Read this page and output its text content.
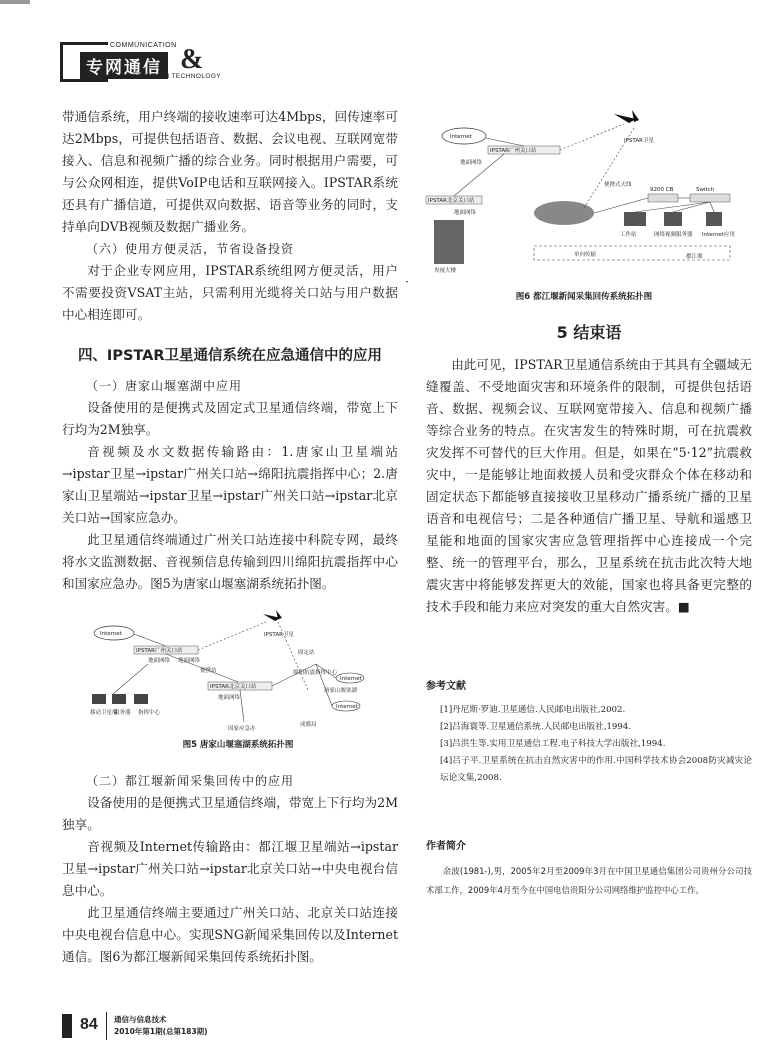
COMMUNICATION
专网通信 &
INFORMATION TECHNOLOGY

带通信系统，用户终端的接收速率可达4Mbps，回传速率可达2Mbps，可提供包括语音、数据、会议电视、互联网宽带接入、信息和视频广播的综合业务。同时根据用户需要，可与公众网相连，提供VoIP电话和互联网接入。IPSTAR系统还具有广播信道，可提供双向数据、语音等业务的同时，支持单向DVB视频及数据广播业务。

（六）使用方便灵活，节省设备投资

对于企业专网应用，IPSTAR系统组网方便灵活，用户不需要投资VSAT主站，只需利用光缆将关口站与用户数据中心相连即可。

·
四、IPSTAR卫星通信系统在应急通信中的应用
（一）唐家山堰塞湖中应用

设备使用的是便携式及固定式卫星通信终端，带宽上下行均为2M独享。

音视频及水文数据传输路由：1.唐家山卫星端站→ipstar卫星→ipstar广州关口站→绵阳抗震指挥中心；2.唐家山卫星端站→ipstar卫星→ipstar广州关口站→ipstar北京关口站→国家应急办。

此卫星通信终端通过广州关口站连接中科院专网，最终将水文监测数据、音视频信息传输到四川绵阳抗震指挥中心和国家应急办。图5为唐家山堰塞湖系统拓扑图。

Internet	IPSTAR卫星
IPSTAR广州关口站
地面网络 地面网络
IPSTAR北京关口站
地面网络
绵阳抗震指挥中心
国家应急办
唐家山堰塞湖
Internet
Internet
成都局
移动卫星端
服务器 指挥中心
固定站
便携站
图5 唐家山堰塞湖系统拓扑图
（二）都江堰新闻采集回传中的应用

设备使用的是便携式卫星通信终端，带宽上下行均为2M独享。

音视频及Internet传输路由：都江堰卫星端站→ipstar卫星→ipstar广州关口站→ipstar北京关口站→中央电视台信息中心。

此卫星通信终端主要通过广州关口站、北京关口站连接中央电视台信息中心。实现SNG新闻采集回传以及Internet通信。图6为都江堰新闻采集回传系统拓扑图。

Internet
IPSTAR广州关口站
地面网络
IPSTAR卫星
IPSTAR北京关口站
地面网络
央视大楼
便携式天线
9200 CB	Switch
工作站	网络视频服务器 Internet应用
单向传输	都江堰
图6 都江堰新闻采集回传系统拓扑图
5 结束语

由此可见，IPSTAR卫星通信系统由于其具有全疆域无缝覆盖、不受地面灾害和环境条件的限制，可提供包括语音、数据、视频会议、互联网宽带接入、信息和视频广播等综合业务的特点。在灾害发生的特殊时期，可在抗震救灾发挥不可替代的巨大作用。但是，如果在“5·12”抗震救灾中，一是能够让地面救援人员和受灾群众个体在移动和固定状态下都能够直接接收卫星移动广播系统广播的卫星语音和电视信号；二是各种通信广播卫星、导航和遥感卫星能和地面的国家灾害应急管理指挥中心连接成一个完整、统一的管理平台，那么，卫星系统在抗击此次特大地震灾害中将能够发挥更大的效能，国家也将具备更完整的技术手段和能力来应对突发的重大自然灾害。■

参考文献
[1]丹尼斯·罗迪.卫星通信.人民邮电出版社,2002.
[2]吕海寰等.卫星通信系统.人民邮电出版社,1994.
[3]吕洪生等.实用卫星通信工程.电子科技大学出版社,1994.
[4]吕子平.卫星系统在抗击自然灾害中的作用.中国科学技术协会2008防灾减灾论坛论文集,2008.
作者简介
余波(1981-),男，2005年2月至2009年3月在中国卫星通信集团公司贵州分公司技术部工作，2009年4月至今在中国电信贵阳分公司网络维护监控中心工作。
84 通信与信息技术
2010年第1期(总第183期)
